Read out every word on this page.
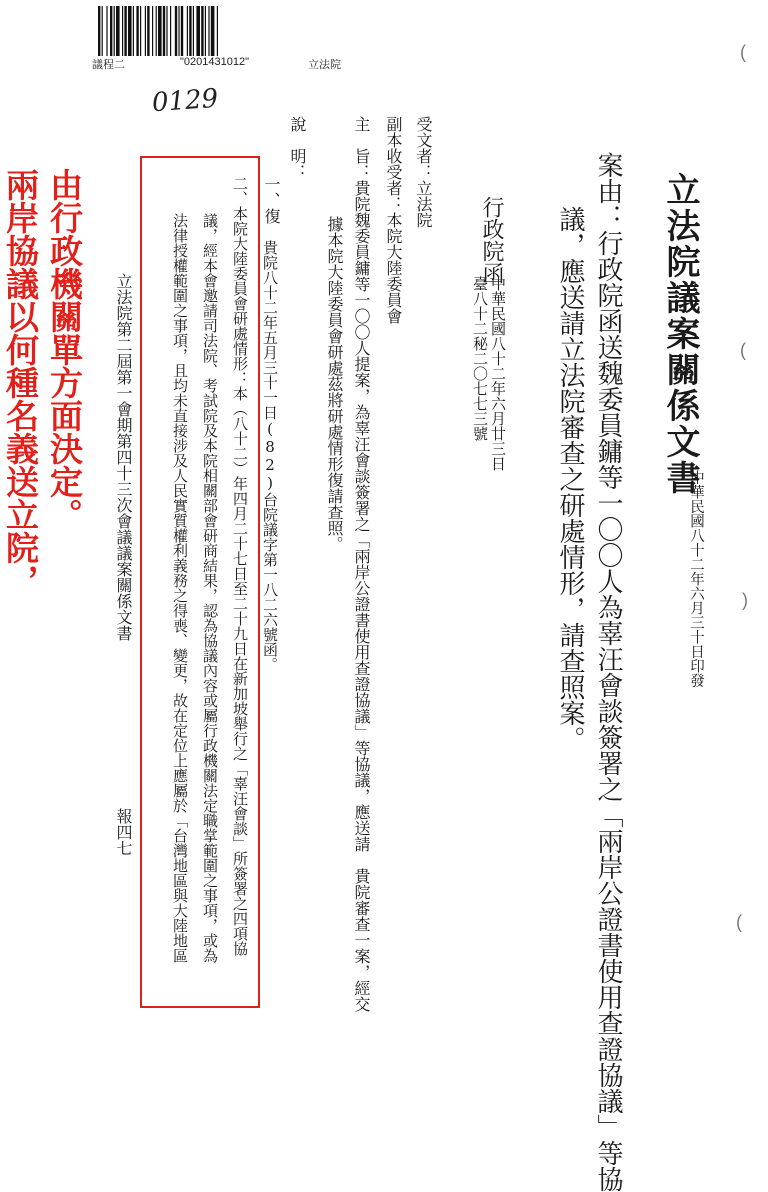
議程二	"0201431012"	立法院
0129
立法院議案關係文書
中華民國八十二年六月三十日印發
案由：行政院函送魏委員鏞等一〇〇人為辜汪會談簽署之「兩岸公證書使用查證協議」等協
議，應送請立法院審查之研處情形，請查照案。
行政院函
中華民國八十二年六月廿三日
臺八十二秘二〇七七三號
受文者：立法院
副本收受者：本院大陸委員會
主　旨：貴院魏委員鏞等一〇〇人提案，為辜汪會談簽署之「兩岸公證書使用查證協議」等協議，應送請　貴院審查一案，經交
據本院大陸委員會研處茲將研處情形復請查照。
說　明：
一、復
貴院八十二年五月三十一日(82)台院議字第一八二六號函。
二、本院大陸委員會研處情形：本（八十二）年四月二十七日至二十九日在新加坡舉行之「辜汪會談」所簽署之四項協
議，經本會邀請司法院、考試院及本院相關部會研商結果，認為協議內容或屬行政機關法定職掌範圍之事項，或為
法律授權範圍之事項，且均未直接涉及人民實質權利義務之得喪、變更，故在定位上應屬於「台灣地區與大陸地區
立法院第二屆第一會期第四十三次會議議案關係文書
報四七
由行政機關單方面決定。
兩岸協議以何種名義送立院，
(
(
)
(
